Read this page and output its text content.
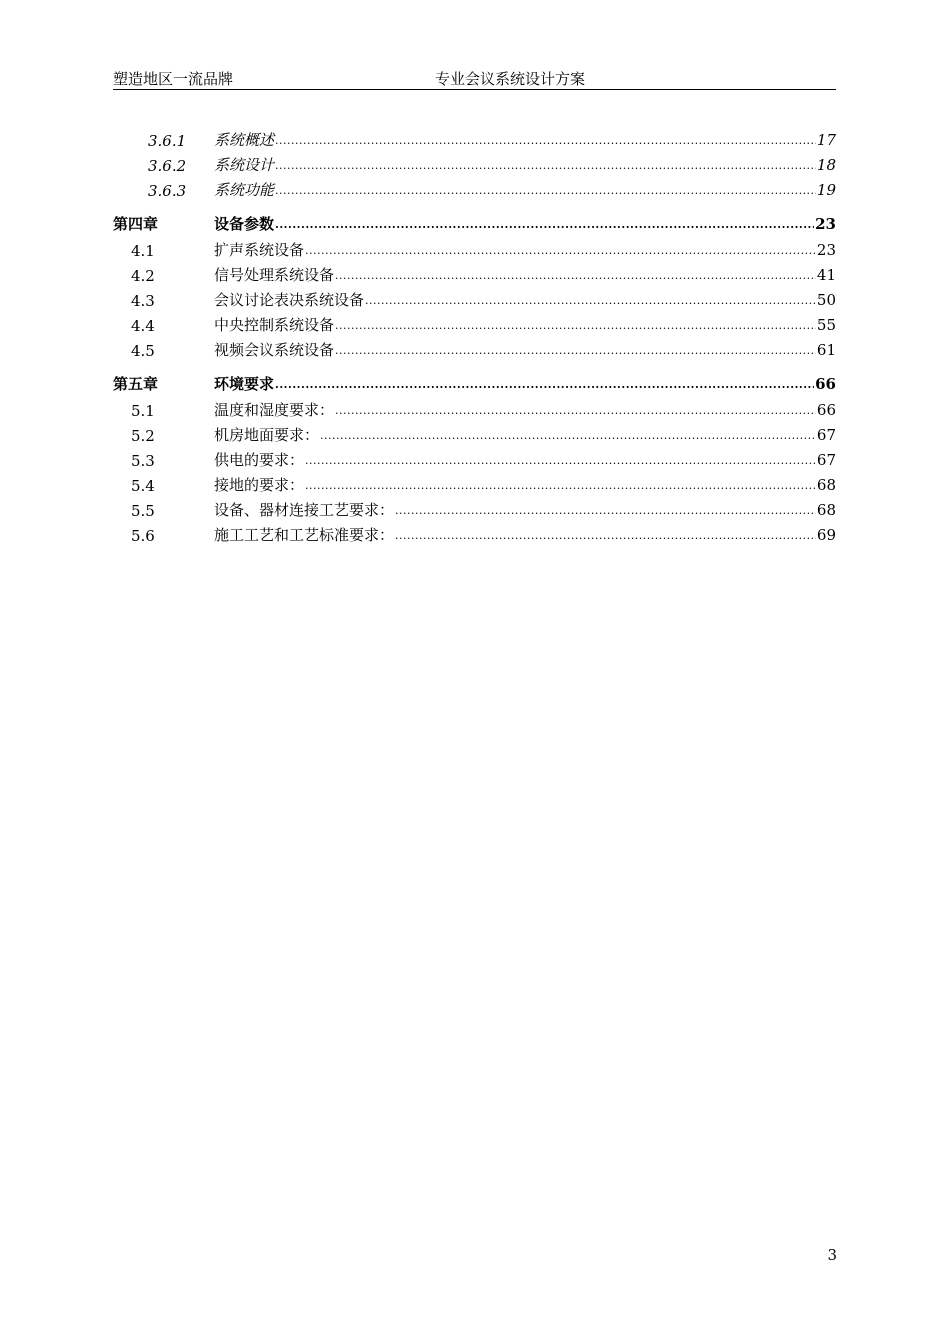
塑造地区一流品牌	专业会议系统设计方案
3.6.1 系统概述 .....	17
3.6.2 系统设计 .....	18
3.6.3 系统功能 .....	19
第四章	设备参数 .....	23
4.1	扩声系统设备 .....	23
4.2	信号处理系统设备 .....	41
4.3	会议讨论表决系统设备 .....	50
4.4	中央控制系统设备 .....	55
4.5	视频会议系统设备 .....	61
第五章	环境要求 .....	66
5.1	温度和湿度要求： .....	66
5.2	机房地面要求： .....	67
5.3	供电的要求： .....	67
5.4	接地的要求： .....	68
5.5	设备、器材连接工艺要求： .....	68
5.6	施工工艺和工艺标准要求： .....	69
3
